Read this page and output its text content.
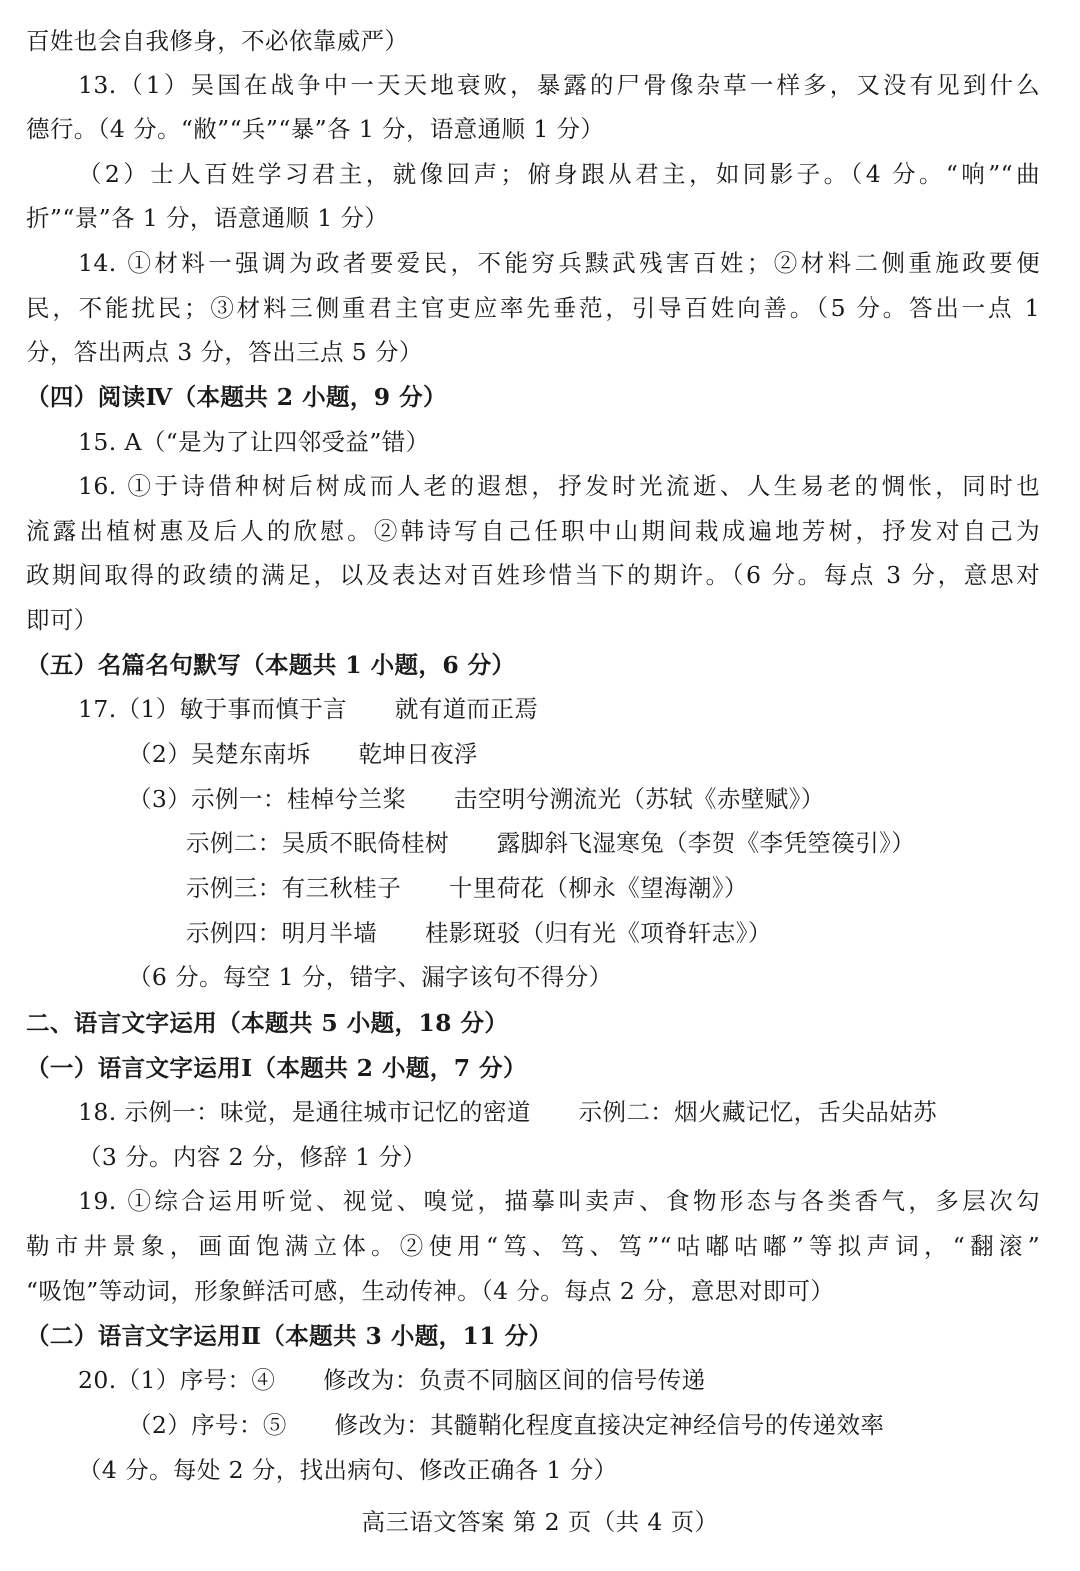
百姓也会自我修身，不必依靠威严）
13.（1）吴国在战争中一天天地衰败，暴露的尸骨像杂草一样多，又没有见到什么
德行。（4 分。“敝”“兵”“暴”各 1 分，语意通顺 1 分）
（2）士人百姓学习君主，就像回声；俯身跟从君主，如同影子。（4 分。“响”“曲
折”“景”各 1 分，语意通顺 1 分）
14. ①材料一强调为政者要爱民，不能穷兵黩武残害百姓；②材料二侧重施政要便
民，不能扰民；③材料三侧重君主官吏应率先垂范，引导百姓向善。（5 分。答出一点 1
分，答出两点 3 分，答出三点 5 分）
（四）阅读Ⅳ（本题共 2 小题，9 分）
15. A（“是为了让四邻受益”错）
16. ①于诗借种树后树成而人老的遐想，抒发时光流逝、人生易老的惆怅，同时也
流露出植树惠及后人的欣慰。②韩诗写自己任职中山期间栽成遍地芳树，抒发对自己为
政期间取得的政绩的满足，以及表达对百姓珍惜当下的期许。（6 分。每点 3 分，意思对
即可）
（五）名篇名句默写（本题共 1 小题，6 分）
17.（1）敏于事而慎于言　　就有道而正焉
（2）吴楚东南坼　　乾坤日夜浮
（3）示例一：桂棹兮兰桨　　击空明兮溯流光（苏轼《赤壁赋》）
示例二：吴质不眠倚桂树　　露脚斜飞湿寒兔（李贺《李凭箜篌引》）
示例三：有三秋桂子　　十里荷花（柳永《望海潮》）
示例四：明月半墙　　桂影斑驳（归有光《项脊轩志》）
（6 分。每空 1 分，错字、漏字该句不得分）
二、语言文字运用（本题共 5 小题，18 分）
（一）语言文字运用Ⅰ（本题共 2 小题，7 分）
18. 示例一：味觉，是通往城市记忆的密道　　示例二：烟火藏记忆，舌尖品姑苏
（3 分。内容 2 分，修辞 1 分）
19. ①综合运用听觉、视觉、嗅觉，描摹叫卖声、食物形态与各类香气，多层次勾
勒市井景象，画面饱满立体。②使用“笃、笃、笃”“咕嘟咕嘟”等拟声词，“翻滚”
“吸饱”等动词，形象鲜活可感，生动传神。（4 分。每点 2 分，意思对即可）
（二）语言文字运用Ⅱ（本题共 3 小题，11 分）
20.（1）序号：④　　修改为：负责不同脑区间的信号传递
（2）序号：⑤　　修改为：其髓鞘化程度直接决定神经信号的传递效率
（4 分。每处 2 分，找出病句、修改正确各 1 分）
高三语文答案 第 2 页（共 4 页）
